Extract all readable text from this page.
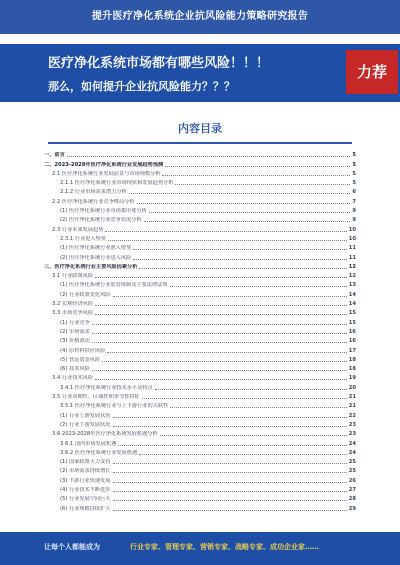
提升医疗净化系统企业抗风险能力策略研究报告
医疗净化系统市场都有哪些风险！！！
那么，如何提升企业抗风险能力？？？
力荐
内容目录
一、前言	5
二、2023-2028年医疗净化系统行业发展趋势预测	5
2.1 医疗净化系统行业发展前景与市场规模分析	5
2.1.1 医疗净化系统行业市场现状和发展趋势分析	5
2.1.2 行业市场需求潜力分析	6
2.2 医疗净化系统行业竞争格局分析	7
(1) 医疗净化系统行业市场集中度分析	9
(2) 医疗净化系统行业竞争状况分析	9
2.3 行业未来发展趋势	10
2.3.1 行业进入壁垒	10
(1) 医疗净化系统行业准入壁垒	11
(2) 医疗净化系统行业进入风险	11
三、医疗净化系统行业主要风险因素分析	12
3.1 行业政策风险	12
(1) 医疗净化系统行业监管体制及主要法律法规	13
(2) 行业政策变化风险	14
3.2 宏观经济风险	14
3.3 市场竞争风险	15
(1) 行业竞争	15
(2) 市场需求	16
(3) 价格波动	16
(4) 原材料供应风险	17
(5) 营运资金风险	18
(6) 技术风险	18
3.4 行业技术风险	19
3.4.1 医疗净化系统行业技术水平及特点	20
3.5 行业周期性、区域性和季节性特征	21
3.5.1 医疗净化系统行业与上下游行业的关联性	21
(1) 行业上游发展状况	22
(2) 行业下游发展状况	23
3.6 2023-2028年医疗净化系统发展机遇分析	23
3.6.1 国内市场发展机遇	24
3.6.2 医疗净化系统行业发展机遇	24
(1) 国家政策大力支持	25
(2) 市场需求持续增长	25
(3) 下游行业快速发展	26
(4) 行业技术不断进步	27
(5) 行业发展空间巨大	28
(6) 行业规模持续扩大	29
让每个人都能成为	行业专家、管理专家、营销专家、战略专家、成功企业家……
